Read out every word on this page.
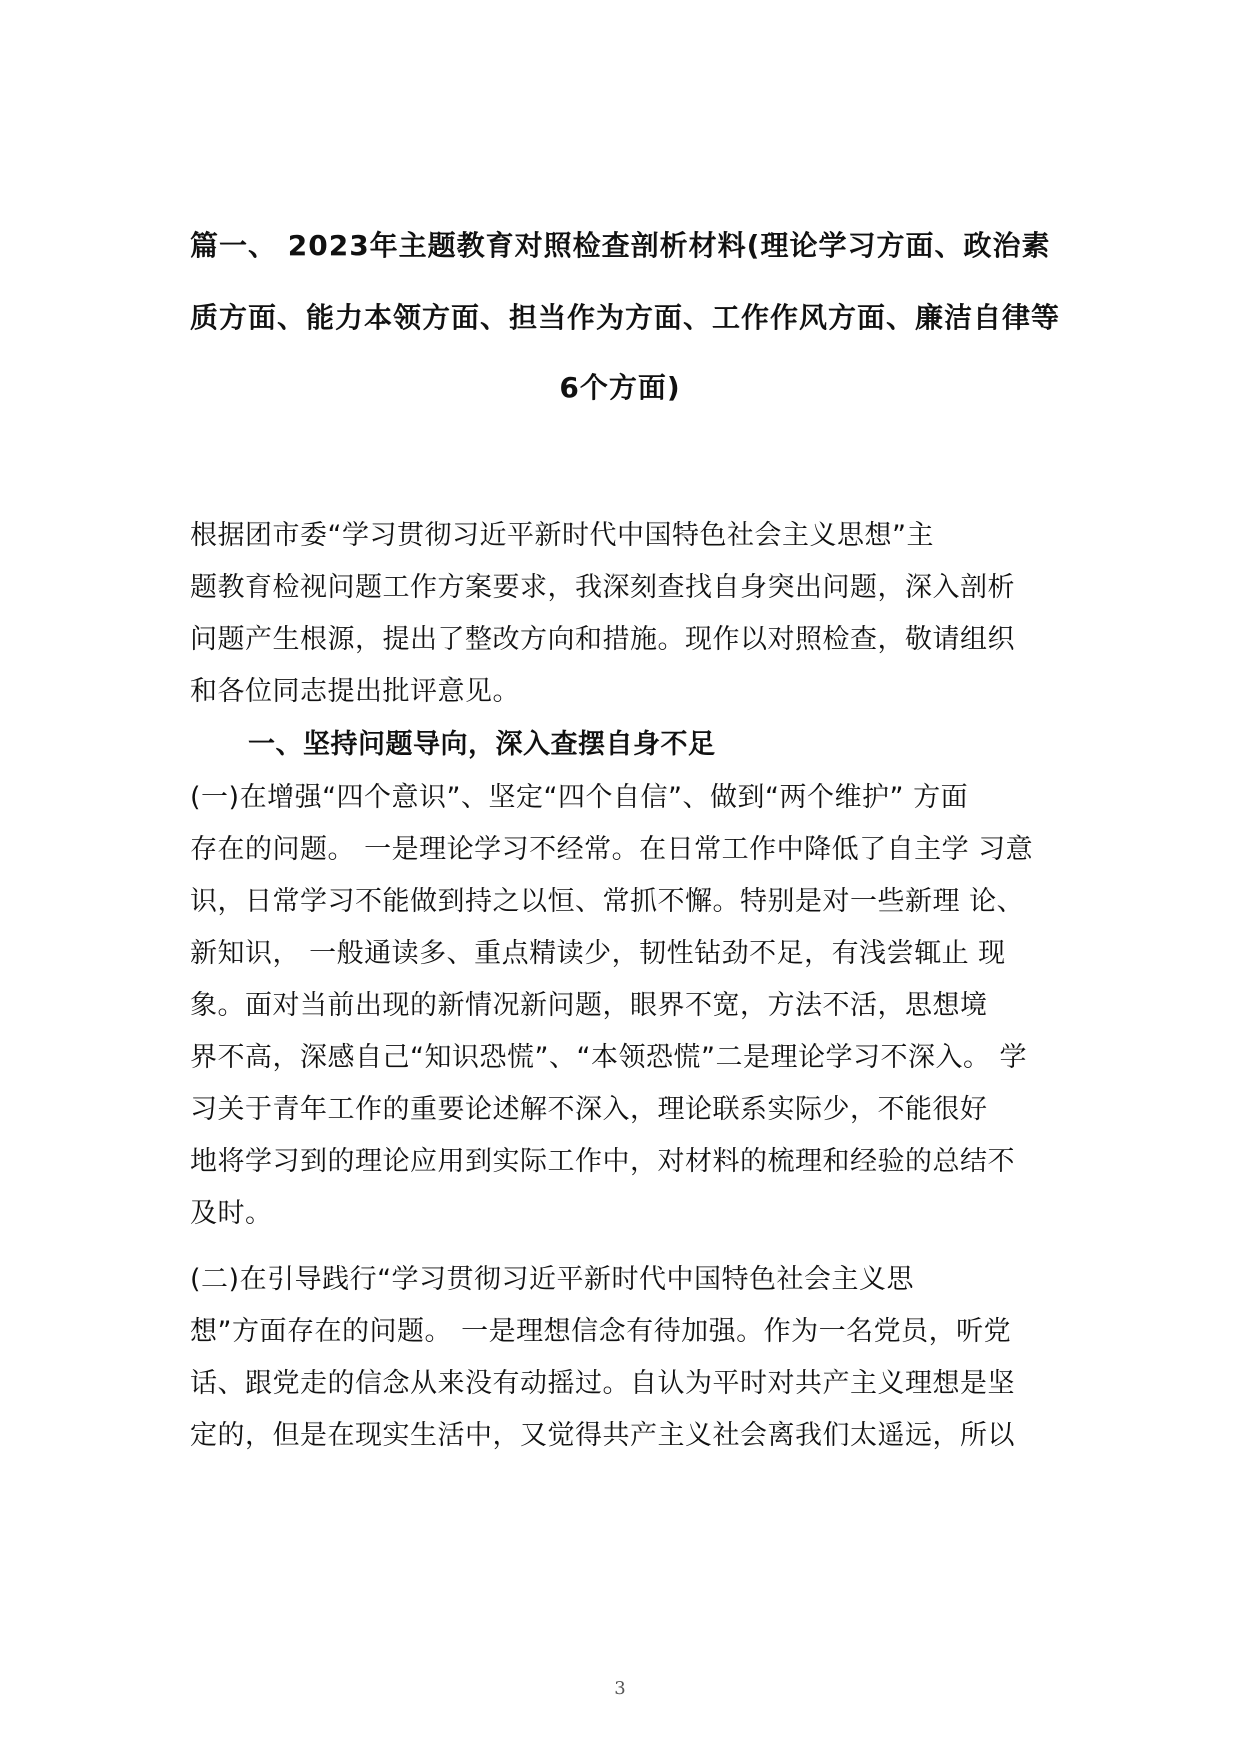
篇一、 2023年主题教育对照检查剖析材料(理论学习方面、政治素
质方面、能力本领方面、担当作为方面、工作作风方面、廉洁自律等
6个方面)
根据团市委“学习贯彻习近平新时代中国特色社会主义思想”主
题教育检视问题工作方案要求，我深刻查找自身突出问题，深入剖析
问题产生根源，提出了整改方向和措施。现作以对照检查，敬请组织
和各位同志提出批评意见。
一、坚持问题导向，深入查摆自身不足
(一)在增强“四个意识”、坚定“四个自信”、做到“两个维护” 方面
存在的问题。 一是理论学习不经常。在日常工作中降低了自主学 习意
识，日常学习不能做到持之以恒、常抓不懈。特别是对一些新理 论、
新知识， 一般通读多、重点精读少，韧性钻劲不足，有浅尝辄止 现
象。面对当前出现的新情况新问题，眼界不宽，方法不活，思想境
界不高，深感自己“知识恐慌”、“本领恐慌”二是理论学习不深入。 学
习关于青年工作的重要论述解不深入，理论联系实际少，不能很好
地将学习到的理论应用到实际工作中，对材料的梳理和经验的总结不
及时。
(二)在引导践行“学习贯彻习近平新时代中国特色社会主义思
想”方面存在的问题。 一是理想信念有待加强。作为一名党员，听党
话、跟党走的信念从来没有动摇过。自认为平时对共产主义理想是坚
定的，但是在现实生活中，又觉得共产主义社会离我们太遥远，所以
3
